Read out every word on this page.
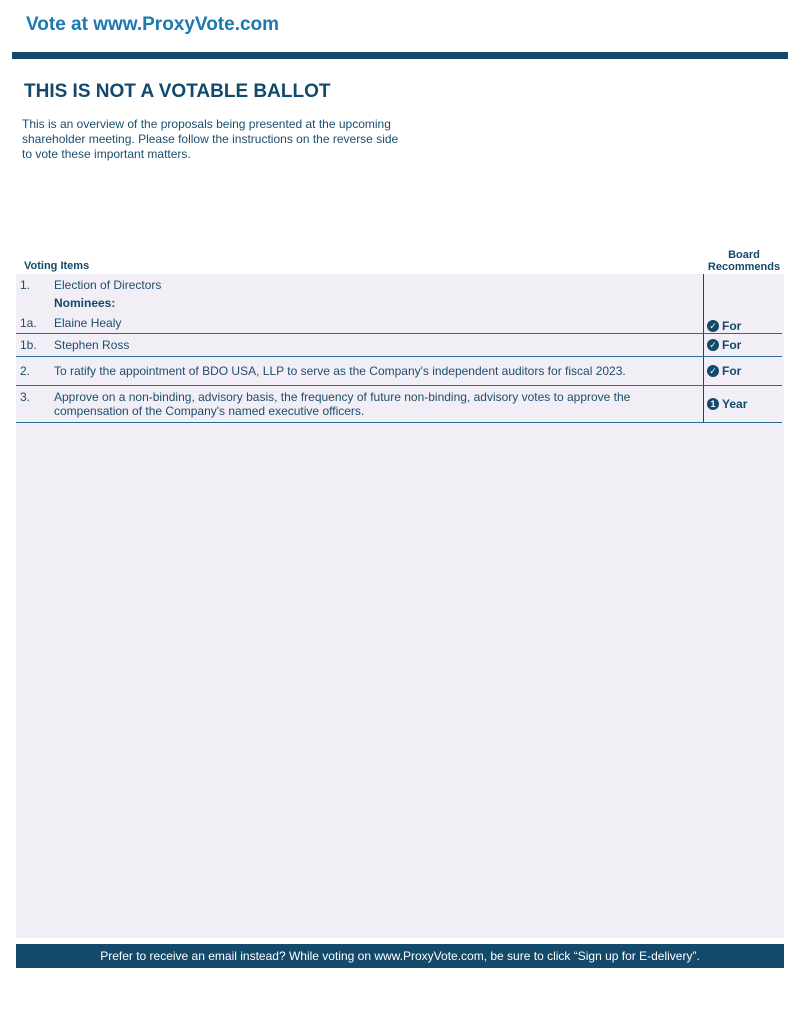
Vote at www.ProxyVote.com
THIS IS NOT A VOTABLE BALLOT
This is an overview of the proposals being presented at the upcoming shareholder meeting. Please follow the instructions on the reverse side to vote these important matters.
Voting Items
Board
Recommends
1. Election of Directors
Nominees:
1a. Elaine Healy	✓ For
1b. Stephen Ross	✓ For
2. To ratify the appointment of BDO USA, LLP to serve as the Company's independent auditors for fiscal 2023.	✓ For
3. Approve on a non-binding, advisory basis, the frequency of future non-binding, advisory votes to approve the compensation of the Company's named executive officers.	1 Year
Prefer to receive an email instead? While voting on www.ProxyVote.com, be sure to click “Sign up for E-delivery”.
